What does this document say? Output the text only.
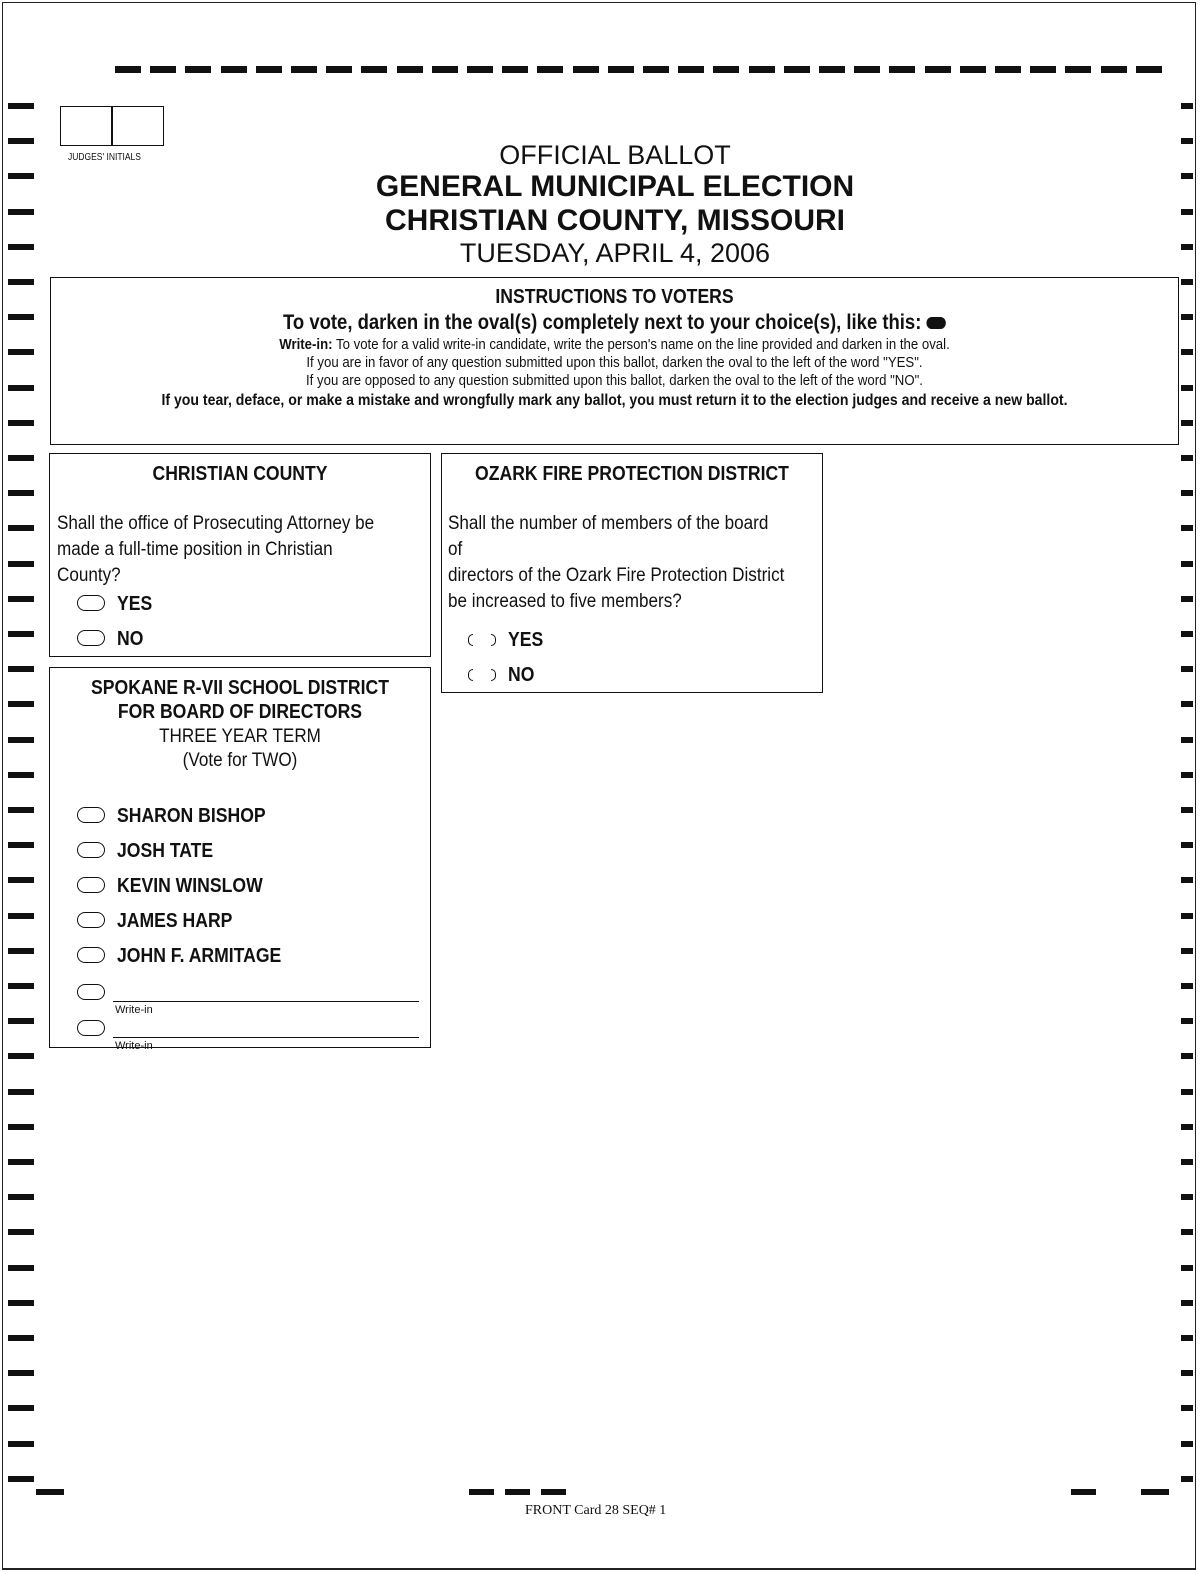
JUDGES' INITIALS	OFFICIAL BALLOT
GENERAL MUNICIPAL ELECTION
CHRISTIAN COUNTY, MISSOURI
TUESDAY, APRIL 4, 2006
INSTRUCTIONS TO VOTERS
To vote, darken in the oval(s) completely next to your choice(s), like this:
Write-in: To vote for a valid write-in candidate, write the person's name on the line provided and darken in the oval.
If you are in favor of any question submitted upon this ballot, darken the oval to the left of the word "YES".
If you are opposed to any question submitted upon this ballot, darken the oval to the left of the word "NO".
If you tear, deface, or make a mistake and wrongfully mark any ballot, you must return it to the election judges and receive a new ballot.
CHRISTIAN COUNTY
Shall the office of Prosecuting Attorney be
made a full-time position in Christian County?
YES
NO
OZARK FIRE PROTECTION DISTRICT
Shall the number of members of the board of
directors of the Ozark Fire Protection District
be increased to five members?
YES
NO
SPOKANE R-VII SCHOOL DISTRICT
FOR BOARD OF DIRECTORS
THREE YEAR TERM
(Vote for TWO)
SHARON BISHOP
JOSH TATE
KEVIN WINSLOW
JAMES HARP
JOHN F. ARMITAGE
Write-in
Write-in
FRONT Card 28 SEQ# 1
